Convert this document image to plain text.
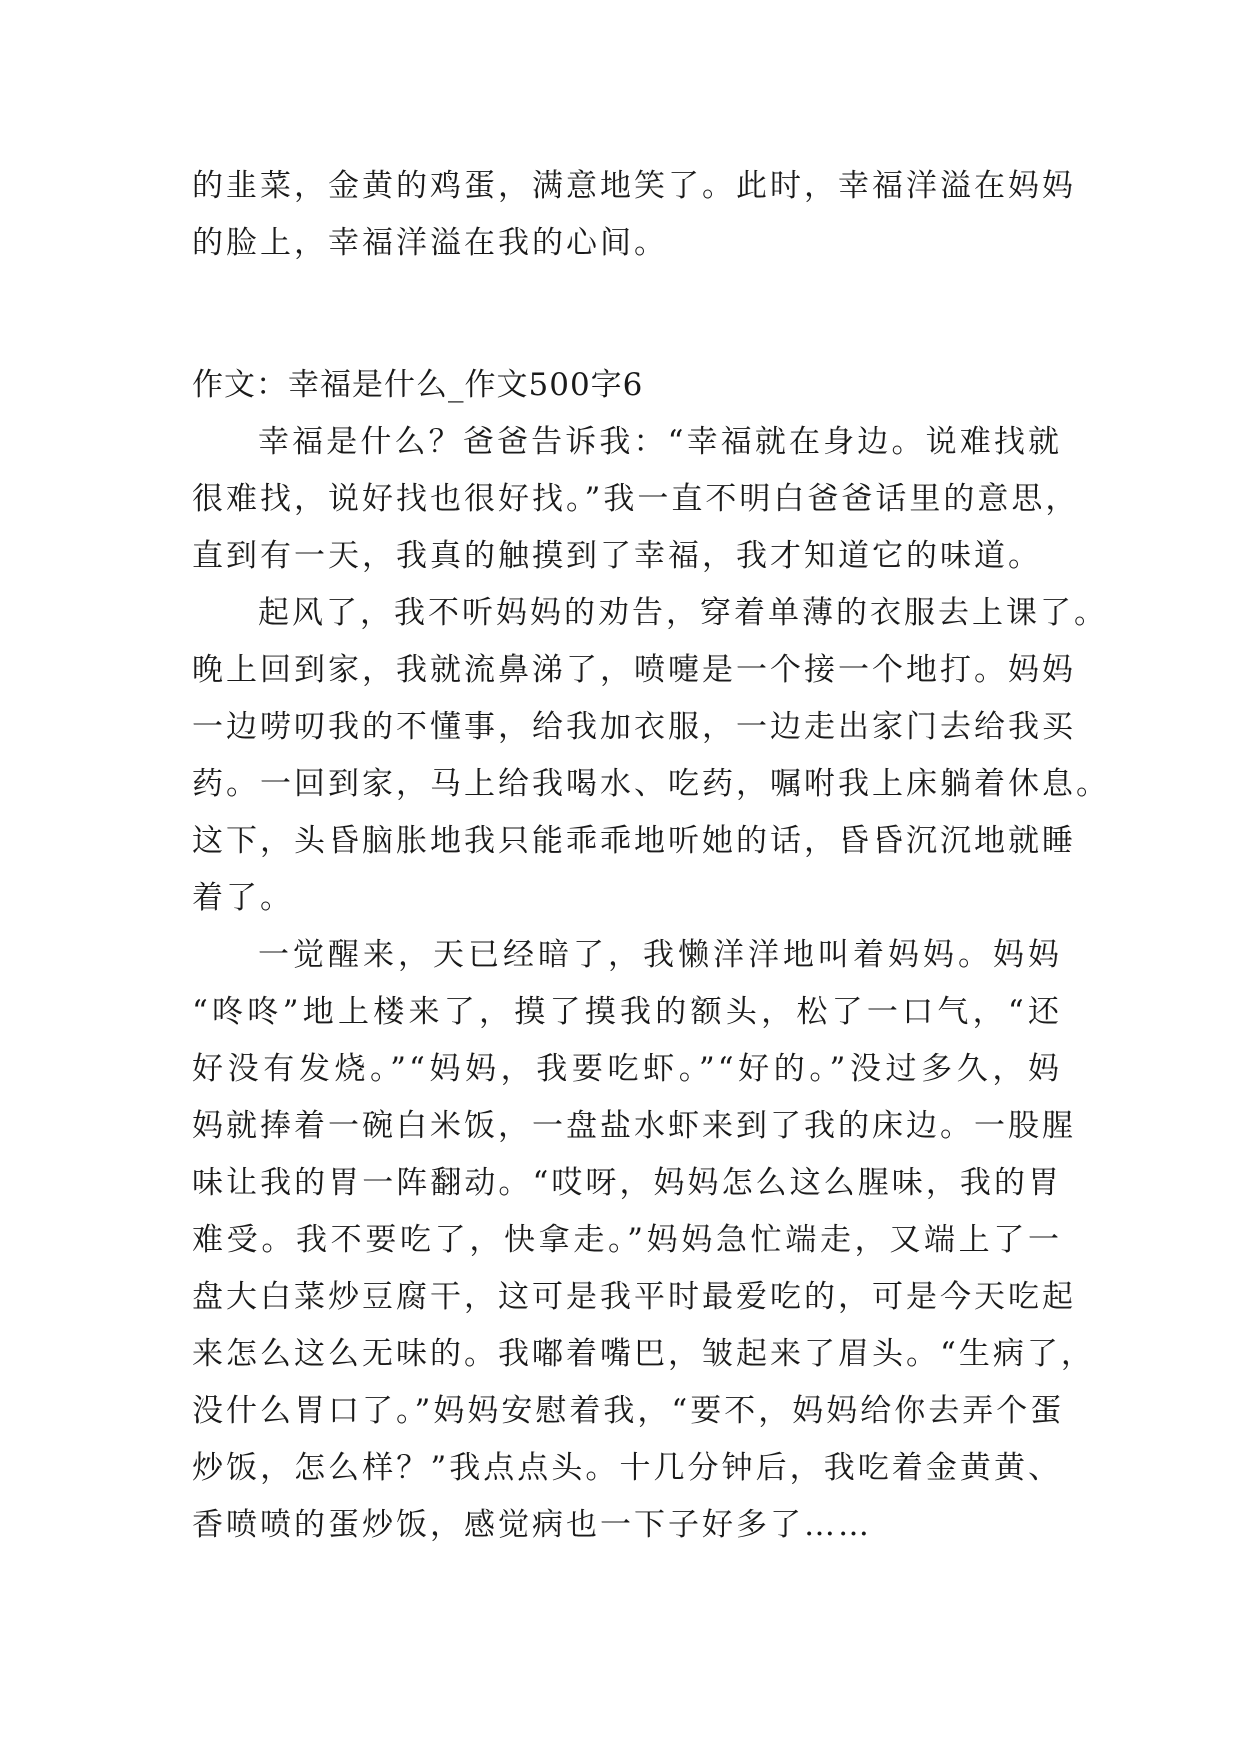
的韭菜，金黄的鸡蛋，满意地笑了。此时，幸福洋溢在妈妈
的脸上，幸福洋溢在我的心间。
作文：幸福是什么_作文500字6
幸福是什么？爸爸告诉我：“幸福就在身边。说难找就
很难找，说好找也很好找。”我一直不明白爸爸话里的意思，
直到有一天，我真的触摸到了幸福，我才知道它的味道。
起风了，我不听妈妈的劝告，穿着单薄的衣服去上课了。
晚上回到家，我就流鼻涕了，喷嚏是一个接一个地打。妈妈
一边唠叨我的不懂事，给我加衣服，一边走出家门去给我买
药。一回到家，马上给我喝水、吃药，嘱咐我上床躺着休息。
这下，头昏脑胀地我只能乖乖地听她的话，昏昏沉沉地就睡
着了。
一觉醒来，天已经暗了，我懒洋洋地叫着妈妈。妈妈
“咚咚”地上楼来了，摸了摸我的额头，松了一口气，“还
好没有发烧。”“妈妈，我要吃虾。”“好的。”没过多久，妈
妈就捧着一碗白米饭，一盘盐水虾来到了我的床边。一股腥
味让我的胃一阵翻动。“哎呀，妈妈怎么这么腥味，我的胃
难受。我不要吃了，快拿走。”妈妈急忙端走，又端上了一
盘大白菜炒豆腐干，这可是我平时最爱吃的，可是今天吃起
来怎么这么无味的。我嘟着嘴巴，皱起来了眉头。“生病了，
没什么胃口了。”妈妈安慰着我，“要不，妈妈给你去弄个蛋
炒饭，怎么样？”我点点头。十几分钟后，我吃着金黄黄、
香喷喷的蛋炒饭，感觉病也一下子好多了……
